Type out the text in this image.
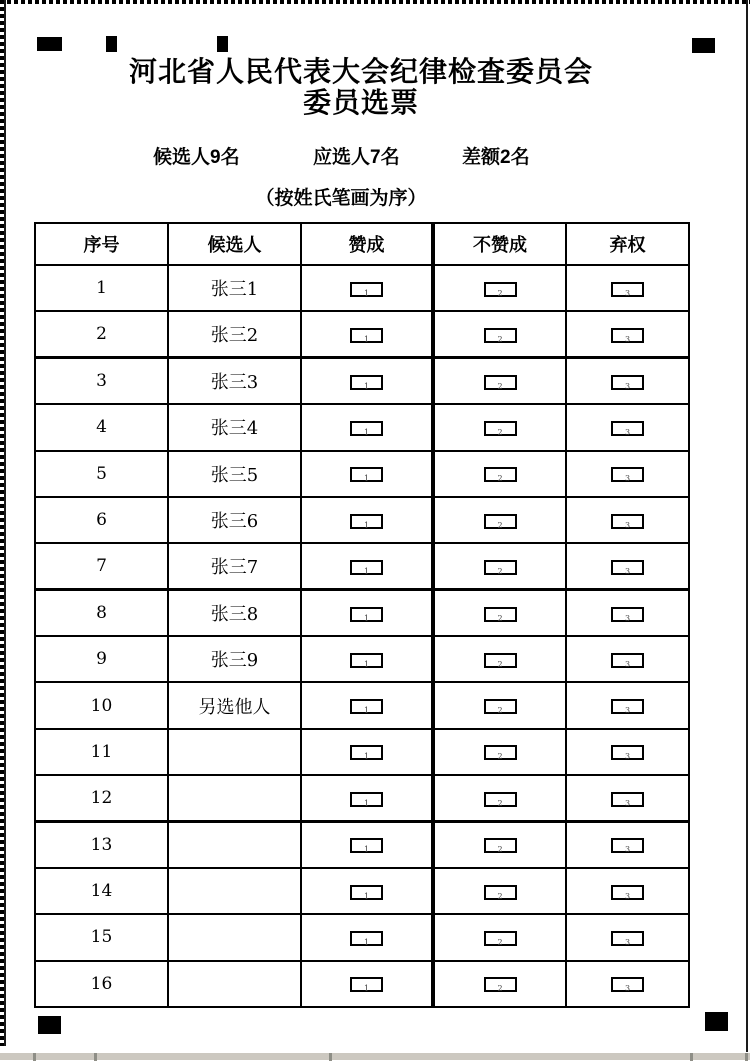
河北省人民代表大会纪律检查委员会
委员选票
候选人9名	应选人7名	差额2名
（按姓氏笔画为序）
序号	候选人	赞成	不赞成	弃权
1	张三1	1	2	3
2	张三2	1	2	3
3	张三3	1	2	3
4	张三4	1	2	3
5	张三5	1	2	3
6	张三6	1	2	3
7	张三7	1	2	3
8	张三8	1	2	3
9	张三9	1	2	3
10	另选他人	1	2	3
11		1	2	3
12		1	2	3
13		1	2	3
14		1	2	3
15		1	2	3
16		1	2	3
